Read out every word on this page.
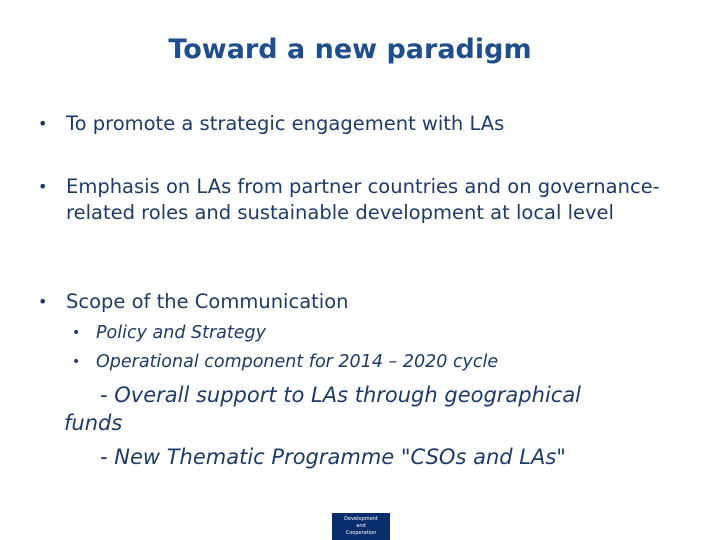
Toward a new paradigm
• To promote a strategic engagement with LAs
• Emphasis on LAs from partner countries and on governance-related roles and sustainable development at local level
• Scope of the Communication
• Policy and Strategy
• Operational component for 2014 – 2020 cycle
- Overall support to LAs through geographical
funds
- New Thematic Programme "CSOs and LAs"
Development
and
Cooperation
